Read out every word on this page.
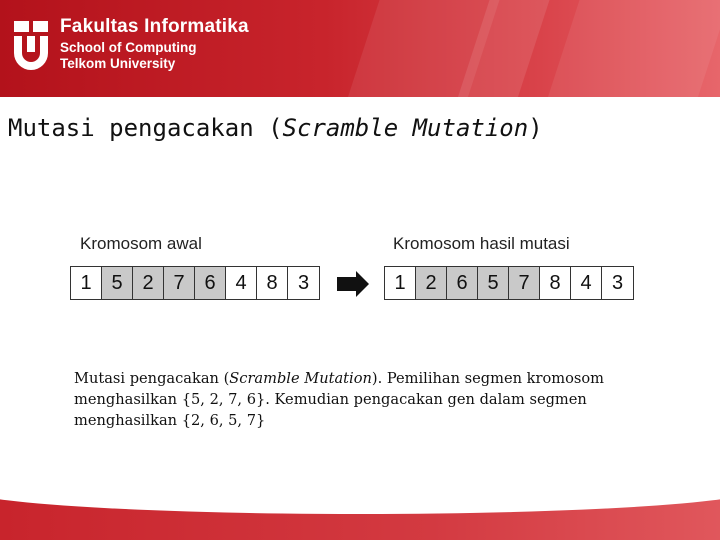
Fakultas Informatika
School of Computing
Telkom University
Mutasi pengacakan (Scramble Mutation)
Kromosom awal	Kromosom hasil mutasi
1 5 2 7 6 4 8	3	1 2 6 5 7 8 4	3

Mutasi pengacakan (Scramble Mutation). Pemilihan segmen kromosom

menghasilkan {5, 2, 7, 6}. Kemudian pengacakan gen dalam segmen

menghasilkan {2, 6, 5, 7}
